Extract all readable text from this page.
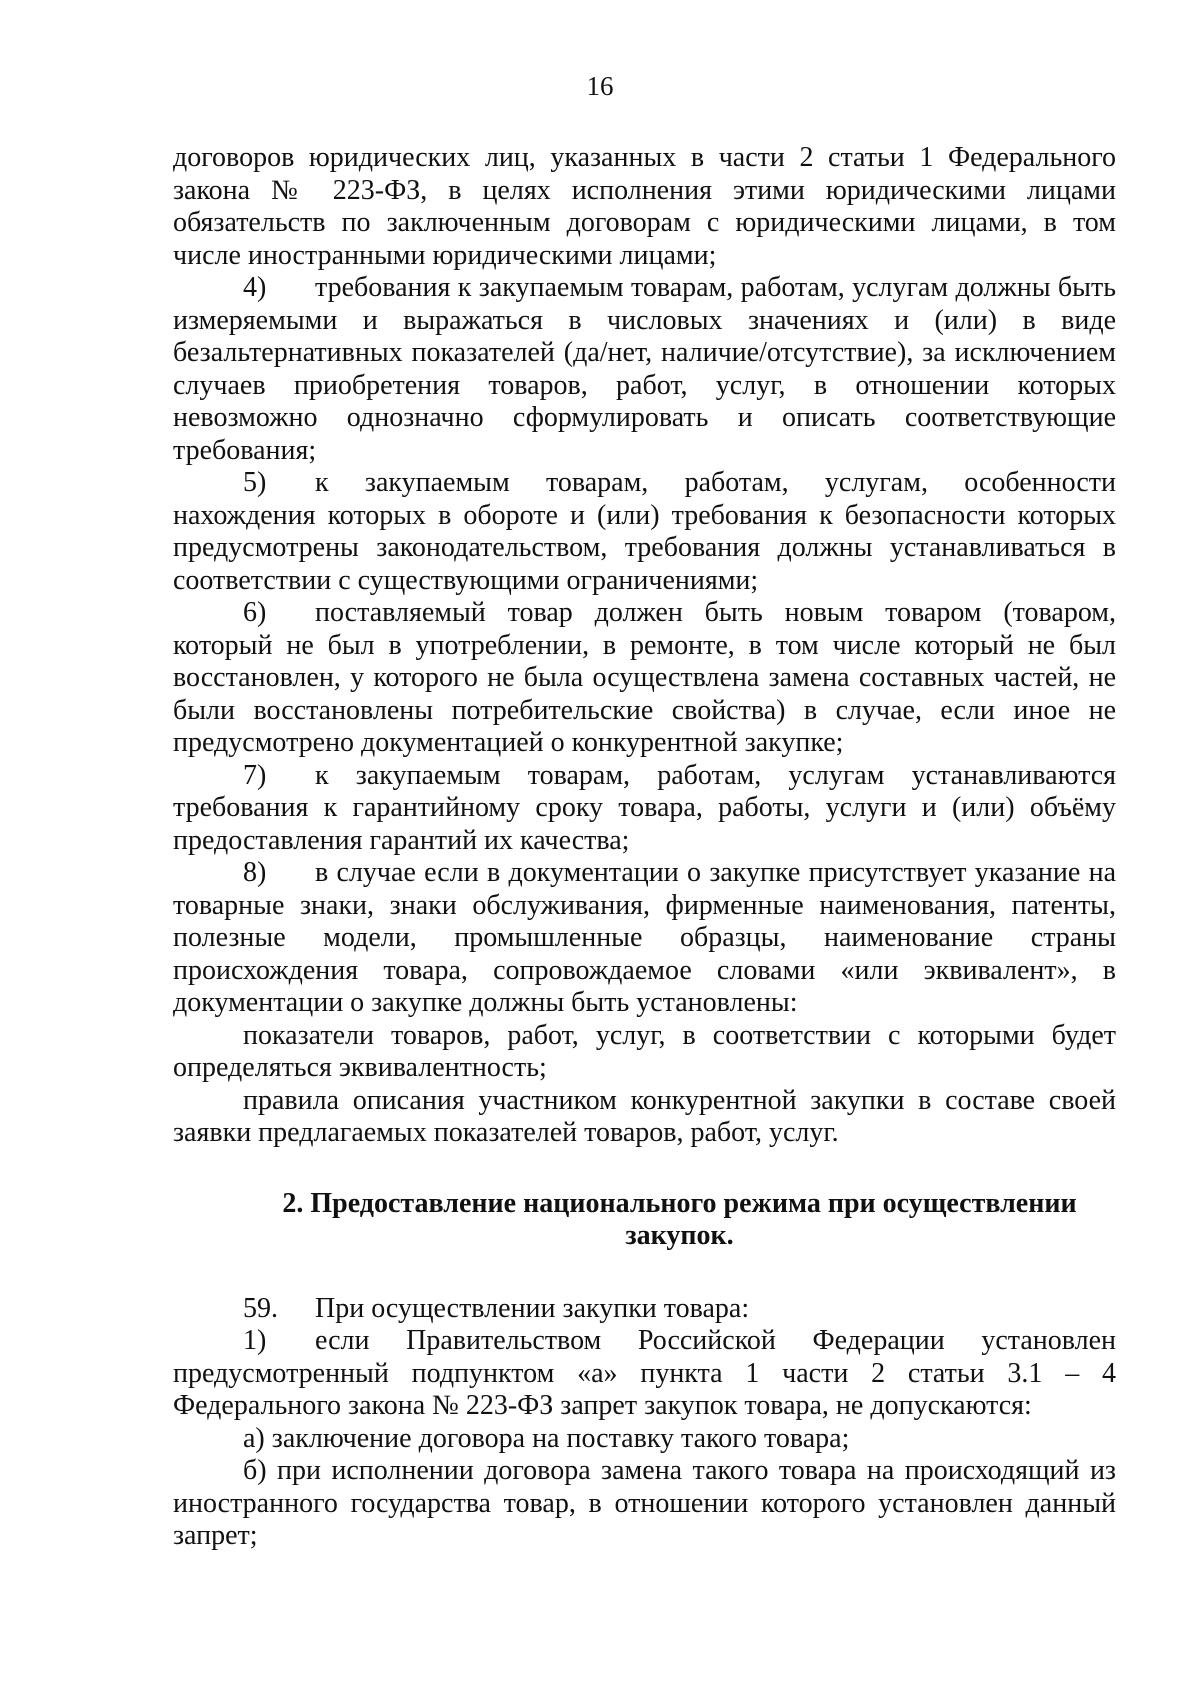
16

договоров юридических лиц, указанных в части 2 статьи 1 Федерального закона № 223-ФЗ, в целях исполнения этими юридическими лицами обязательств по заключенным договорам с юридическими лицами, в том числе иностранными юридическими лицами;

4) требования к закупаемым товарам, работам, услугам должны быть измеряемыми и выражаться в числовых значениях и (или) в виде безальтернативных показателей (да/нет, наличие/отсутствие), за исключением случаев приобретения товаров, работ, услуг, в отношении которых невозможно однозначно сформулировать и описать соответствующие требования;

5) к закупаемым товарам, работам, услугам, особенности нахождения которых в обороте и (или) требования к безопасности которых предусмотрены законодательством, требования должны устанавливаться в соответствии с существующими ограничениями;

6) поставляемый товар должен быть новым товаром (товаром, который не был в употреблении, в ремонте, в том числе который не был восстановлен, у которого не была осуществлена замена составных частей, не были восстановлены потребительские свойства) в случае, если иное не предусмотрено документацией о конкурентной закупке;

7) к закупаемым товарам, работам, услугам устанавливаются требования к гарантийному сроку товара, работы, услуги и (или) объёму предоставления гарантий их качества;

8) в случае если в документации о закупке присутствует указание на товарные знаки, знаки обслуживания, фирменные наименования, патенты, полезные модели, промышленные образцы, наименование страны происхождения товара, сопровождаемое словами «или эквивалент», в документации о закупке должны быть установлены:

показатели товаров, работ, услуг, в соответствии с которыми будет определяться эквивалентность;

правила описания участником конкурентной закупки в составе своей заявки предлагаемых показателей товаров, работ, услуг.

2. Предоставление национального режима при осуществлении
закупок.

59. При осуществлении закупки товара:

1) если Правительством Российской Федерации установлен предусмотренный подпунктом «а» пункта 1 части 2 статьи 3.1 – 4 Федерального закона № 223-ФЗ запрет закупок товара, не допускаются:

а) заключение договора на поставку такого товара;

б) при исполнении договора замена такого товара на происходящий из иностранного государства товар, в отношении которого установлен данный запрет;
